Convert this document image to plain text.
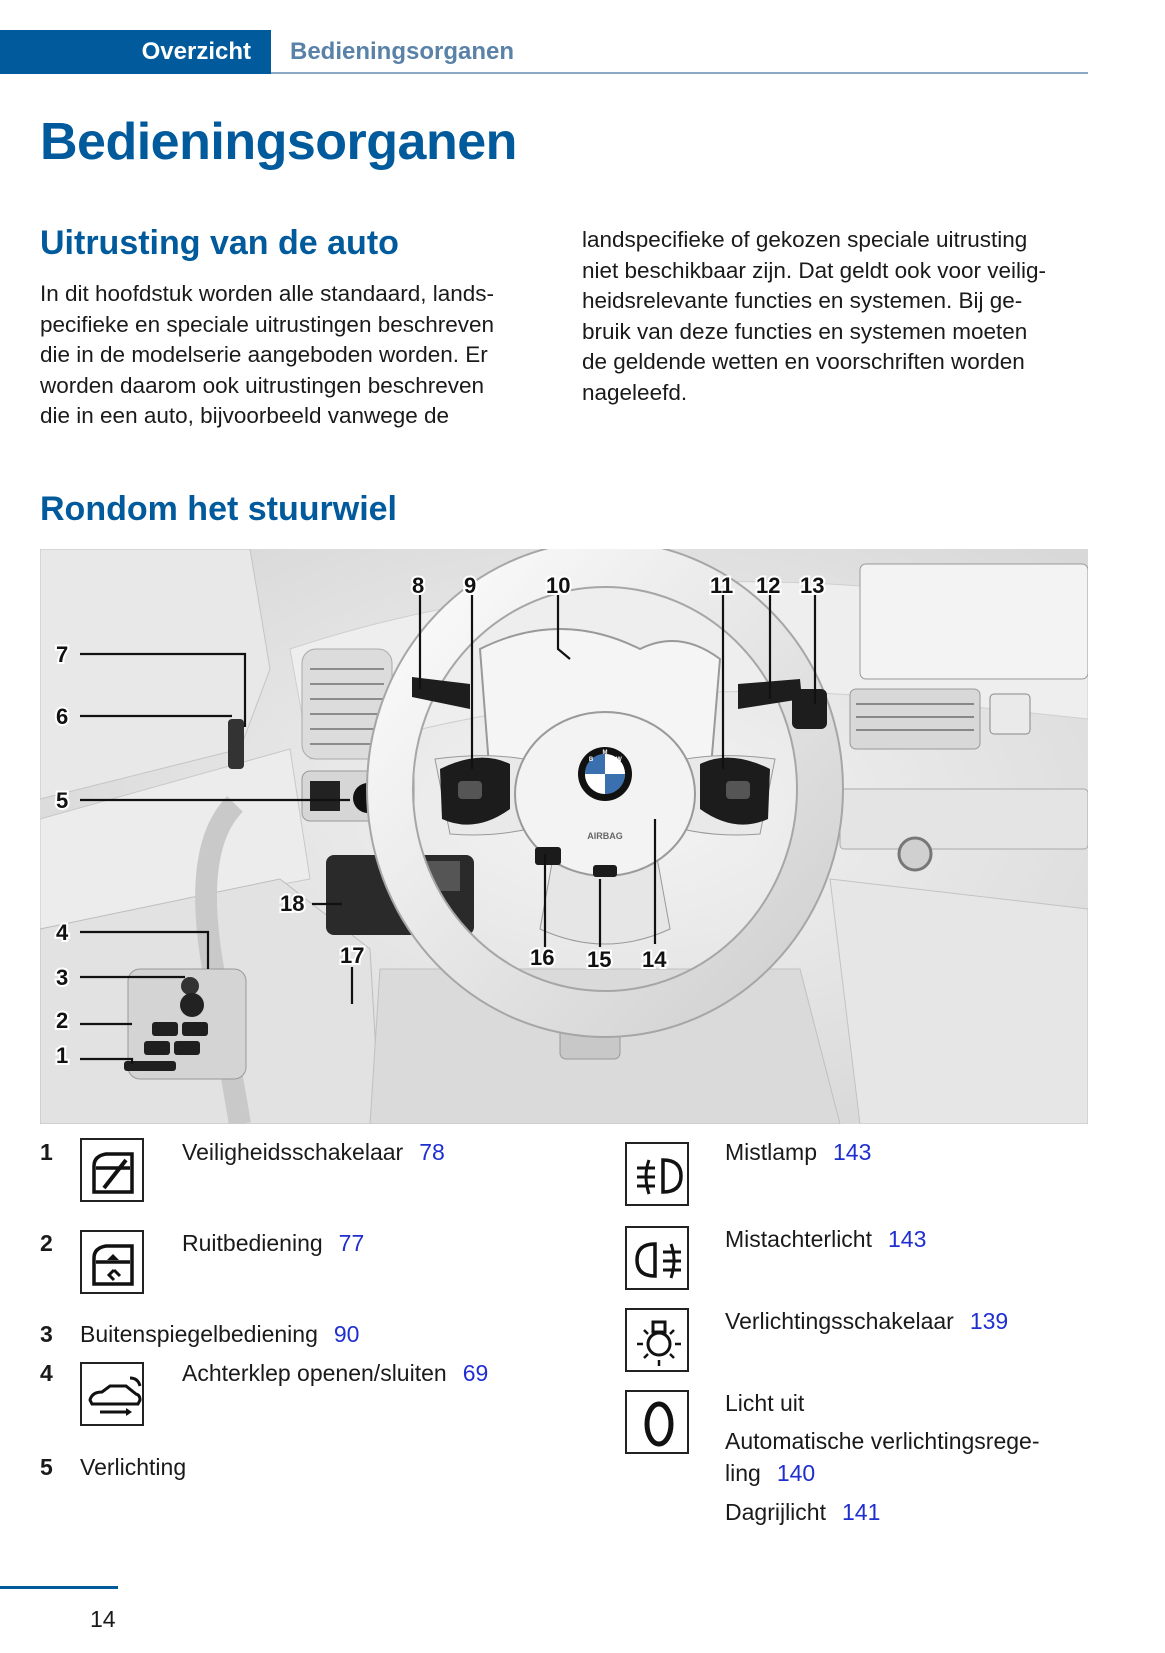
Overzicht Bedieningsorganen
Bedieningsorganen
Uitrusting van de auto
In dit hoofdstuk worden alle standaard, lands-
pecifieke en speciale uitrustingen beschreven
die in de modelserie aangeboden worden. Er
worden daarom ook uitrustingen beschreven
die in een auto, bijvoorbeeld vanwege de
landspecifieke of gekozen speciale uitrusting
niet beschikbaar zijn. Dat geldt ook voor veilig-
heidsrelevante functies en systemen. Bij ge-
bruik van deze functies en systemen moeten
de geldende wetten en voorschriften worden
nageleefd.
Rondom het stuurwiel
AIRBAG
1
2
3
4
5
6
7
8 9	10	11 12 13
14
15
16
17
18
B
M
W
1	Veiligheidsschakelaar 78
2	Ruitbediening 77
3 Buitenspiegelbediening 90
4	Achterklep openen/sluiten 69
5 Verlichting
Mistlamp 143
Mistachterlicht 143
Verlichtingsschakelaar 139
Licht uit
Automatische verlichtingsrege-
ling 140
Dagrijlicht 141
14
